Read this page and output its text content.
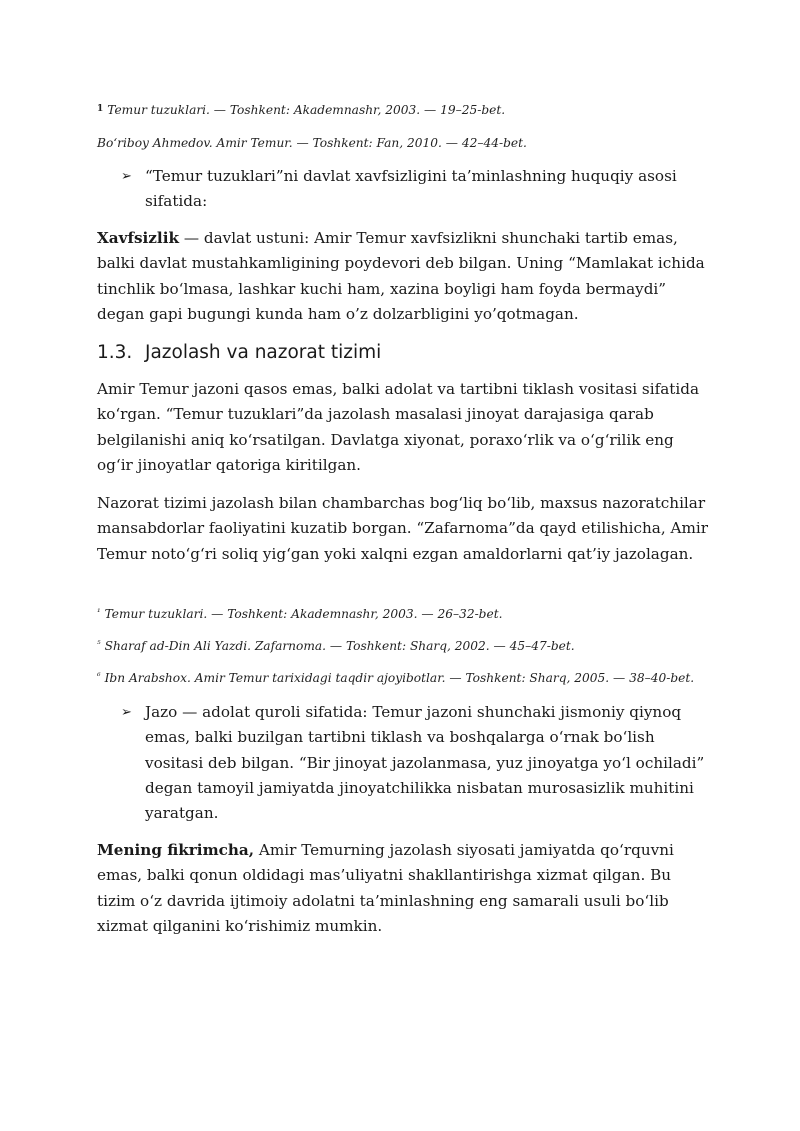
$^1$ Temur tuzuklari. — Toshkent: Akademnashr, 2003. — 19–25-bet.
Bo‘riboy Ahmedov. Amir Temur. — Toshkent: Fan, 2010. — 42–44-bet.
➢ “Temur tuzuklari”ni davlat xavfsizligini ta’minlashning huquqiy asosi sifatida:

Xavfsizlik — davlat ustuni: Amir Temur xavfsizlikni shunchaki tartib emas, balki davlat mustahkamligining poydevori deb bilgan. Uning “Mamlakat ichida tinchlik bo‘lmasa, lashkar kuchi ham, xazina boyligi ham foyda bermaydi” degan gapi bugungi kunda ham o’z dolzarbligini yo’qotmagan.

1.3. Jazolash va nazorat tizimi

Amir Temur jazoni qasos emas, balki adolat va tartibni tiklash vositasi sifatida ko‘rgan. “Temur tuzuklari”da jazolash masalasi jinoyat darajasiga qarab belgilanishi aniq ko‘rsatilgan. Davlatga xiyonat, poraxo‘rlik va o‘g‘rilik eng og‘ir jinoyatlar qatoriga kiritilgan.

Nazorat tizimi jazolash bilan chambarchas bog‘liq bo‘lib, maxsus nazoratchilar mansabdorlar faoliyatini kuzatib borgan. “Zafarnoma”da qayd etilishicha, Amir Temur noto‘g‘ri soliq yig‘gan yoki xalqni ezgan amaldorlarni qat’iy jazolagan.

$^{^1}$ Temur tuzuklari. — Toshkent: Akademnashr, 2003. — 26–32-bet.
$^{^5}$ Sharaf ad-Din Ali Yazdi. Zafarnoma. — Toshkent: Sharq, 2002. — 45–47-bet.
$^{^6}$ Ibn Arabshox. Amir Temur tarixidagi taqdir ajoyibotlar. — Toshkent: Sharq, 2005. — 38–40-bet.
➢ Jazo — adolat quroli sifatida: Temur jazoni shunchaki jismoniy qiynoq emas, balki buzilgan tartibni tiklash va boshqalarga o‘rnak bo‘lish vositasi deb bilgan. “Bir jinoyat jazolanmasa, yuz jinoyatga yo‘l ochiladi” degan tamoyil jamiyatda jinoyatchilikka nisbatan murosasizlik muhitini yaratgan.

Mening fikrimcha, Amir Temurning jazolash siyosati jamiyatda qo‘rquvni emas, balki qonun oldidagi mas’uliyatni shakllantirishga xizmat qilgan. Bu tizim o‘z davrida ijtimoiy adolatni ta’minlashning eng samarali usuli bo‘lib xizmat qilganini ko‘rishimiz mumkin.
